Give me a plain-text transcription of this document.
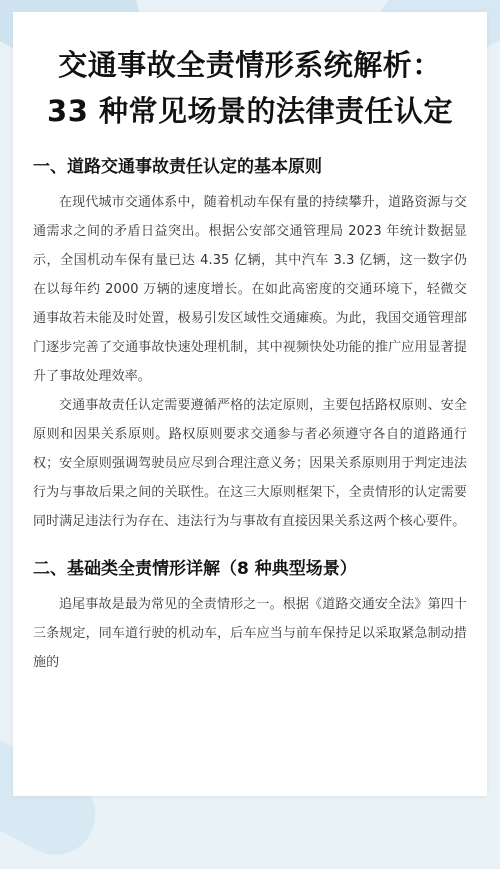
交通事故全责情形系统解析：
33 种常见场景的法律责任认定
一、道路交通事故责任认定的基本原则

在现代城市交通体系中，随着机动车保有量的持续攀升，道路资源与交通需求之间的矛盾日益突出。根据公安部交通管理局 2023 年统计数据显示，全国机动车保有量已达 4.35 亿辆，其中汽车 3.3 亿辆，这一数字仍在以每年约 2000 万辆的速度增长。在如此高密度的交通环境下，轻微交通事故若未能及时处置，极易引发区域性交通瘫痪。为此，我国交通管理部门逐步完善了交通事故快速处理机制，其中视频快处功能的推广应用显著提升了事故处理效率。

交通事故责任认定需要遵循严格的法定原则，主要包括路权原则、安全原则和因果关系原则。路权原则要求交通参与者必须遵守各自的道路通行权；安全原则强调驾驶员应尽到合理注意义务；因果关系原则用于判定违法行为与事故后果之间的关联性。在这三大原则框架下，全责情形的认定需要同时满足违法行为存在、违法行为与事故有直接因果关系这两个核心要件。

二、基础类全责情形详解（8 种典型场景）

追尾事故是最为常见的全责情形之一。根据《道路交通安全法》第四十三条规定，同车道行驶的机动车，后车应当与前车保持足以采取紧急制动措施的
